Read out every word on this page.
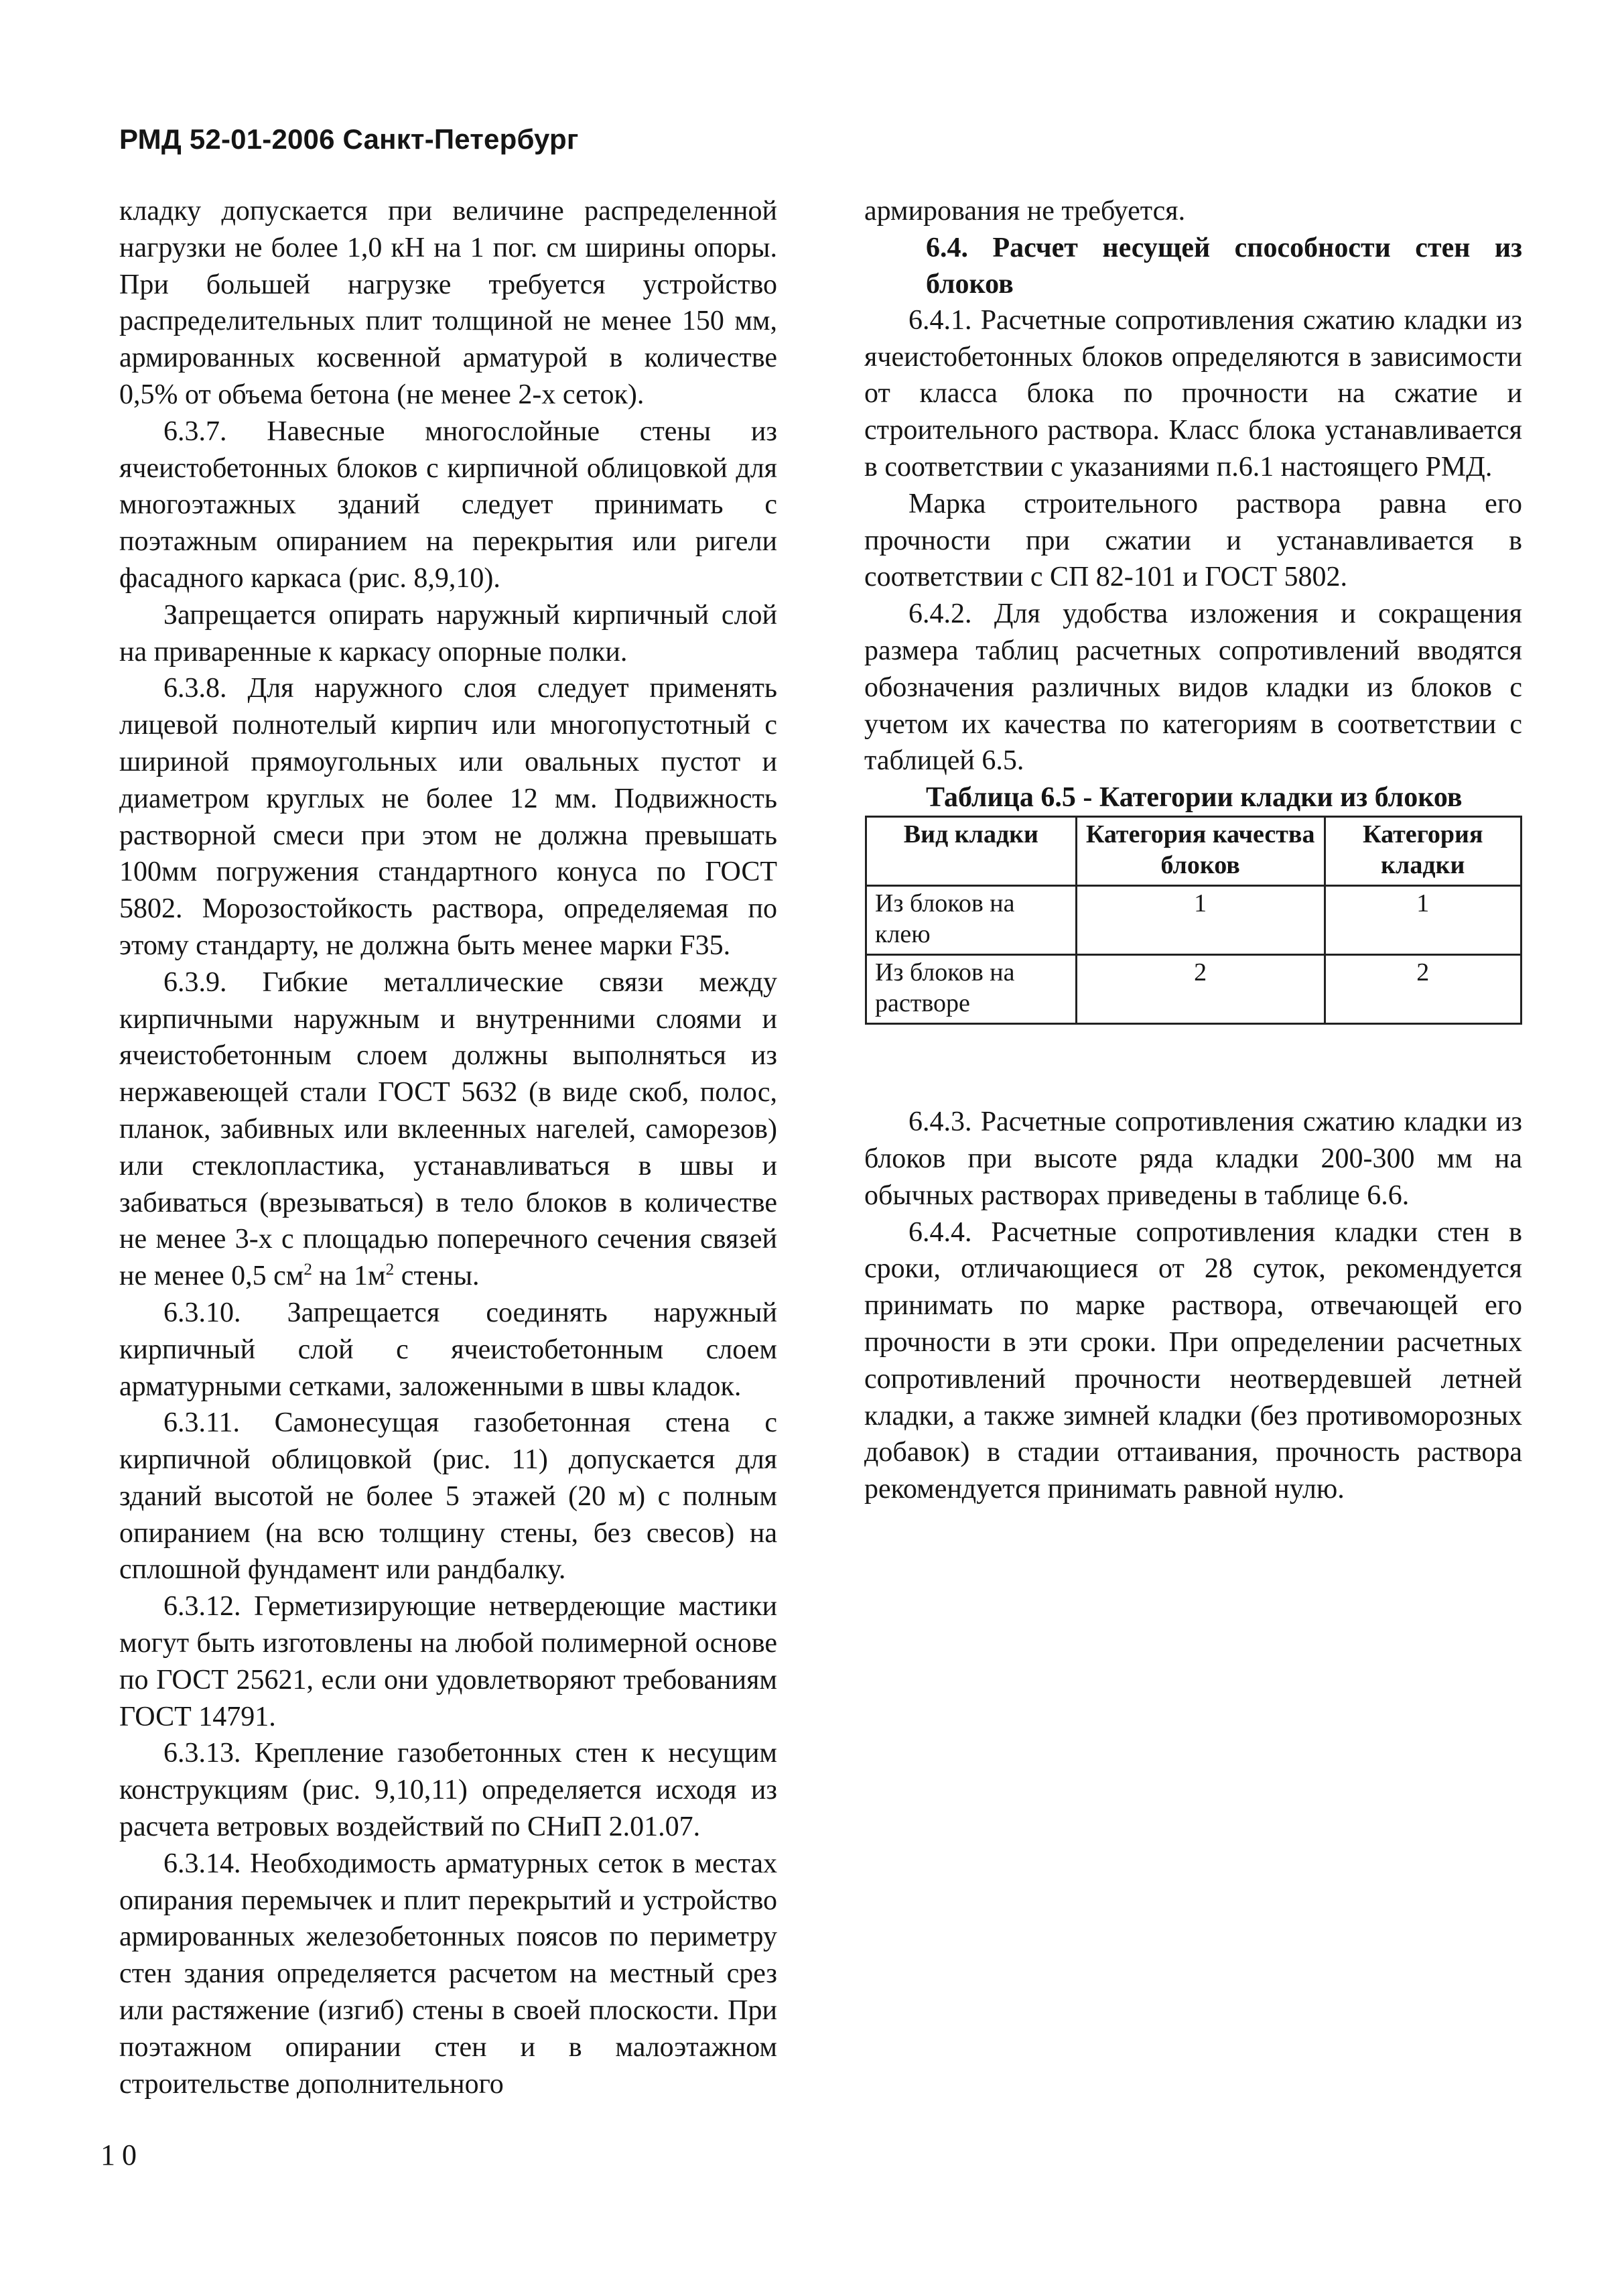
РМД 52-01-2006 Санкт-Петербург

кладку допускается при величине распределенной нагрузки не более 1,0 кН на 1 пог. см ширины опоры. При большей нагрузке требуется устройство распределительных плит толщиной не менее 150 мм, армированных косвенной арматурой в количестве 0,5% от объема бетона (не менее 2-х сеток).

6.3.7. Навесные многослойные стены из ячеистобетонных блоков с кирпичной облицовкой для многоэтажных зданий следует принимать с поэтажным опиранием на перекрытия или ригели фасадного каркаса (рис. 8,9,10).

Запрещается опирать наружный кирпичный слой на приваренные к каркасу опорные полки.

6.3.8. Для наружного слоя следует применять лицевой полнотелый кирпич или многопустотный с шириной прямоугольных или овальных пустот и диаметром круглых не более 12 мм. Подвижность растворной смеси при этом не должна превышать 100мм погружения стандартного конуса по ГОСТ 5802. Морозостойкость раствора, определяемая по этому стандарту, не должна быть менее марки F35.

6.3.9. Гибкие металлические связи между кирпичными наружным и внутренними слоями и ячеистобетонным слоем должны выполняться из нержавеющей стали ГОСТ 5632 (в виде скоб, полос, планок, забивных или вклеенных нагелей, саморезов) или стеклопластика, устанавливаться в швы и забиваться (врезываться) в тело блоков в количестве не менее 3-х с площадью поперечного сечения связей не менее 0,5 $см^2$ на $1м^2$ стены.

6.3.10. Запрещается соединять наружный кирпичный слой с ячеистобетонным слоем арматурными сетками, заложенными в швы кладок.

6.3.11. Самонесущая газобетонная стена с кирпичной облицовкой (рис. 11) допускается для зданий высотой не более 5 этажей (20 м) с полным опиранием (на всю толщину стены, без свесов) на сплошной фундамент или рандбалку.

6.3.12. Герметизирующие нетвердеющие мастики могут быть изготовлены на любой полимерной основе по ГОСТ 25621, если они удовлетворяют требованиям ГОСТ 14791.

6.3.13. Крепление газобетонных стен к несущим конструкциям (рис. 9,10,11) определяется исходя из расчета ветровых воздействий по СНиП 2.01.07.

6.3.14. Необходимость арматурных сеток в местах опирания перемычек и плит перекрытий и устройство армированных железобетонных поясов по периметру стен здания определяется расчетом на местный срез или растяжение (изгиб) стены в своей плоскости. При поэтажном опирании стен и в малоэтажном строительстве дополнительного

армирования не требуется.

6.4. Расчет несущей способности стен из блоков

6.4.1. Расчетные сопротивления сжатию кладки из ячеистобетонных блоков определяются в зависимости от класса блока по прочности на сжатие и строительного раствора. Класс блока устанавливается в соответствии с указаниями п.6.1 настоящего РМД.

Марка строительного раствора равна его прочности при сжатии и устанавливается в соответствии с СП 82-101 и ГОСТ 5802.

6.4.2. Для удобства изложения и сокращения размера таблиц расчетных сопротивлений вводятся обозначения различных видов кладки из блоков с учетом их качества по категориям в соответствии с таблицей 6.5.

Таблица 6.5 - Категории кладки из блоков

Вид кладки	Категория качества блоков	Категория кладки
Из блоков на клею	1	1
Из блоков на растворе	2	2

6.4.3. Расчетные сопротивления сжатию кладки из блоков при высоте ряда кладки 200-300 мм на обычных растворах приведены в таблице 6.6.

6.4.4. Расчетные сопротивления кладки стен в сроки, отличающиеся от 28 суток, рекомендуется принимать по марке раствора, отвечающей его прочности в эти сроки. При определении расчетных сопротивлений прочности неотвердевшей летней кладки, а также зимней кладки (без противоморозных добавок) в стадии оттаивания, прочность раствора рекомендуется принимать равной нулю.

10
